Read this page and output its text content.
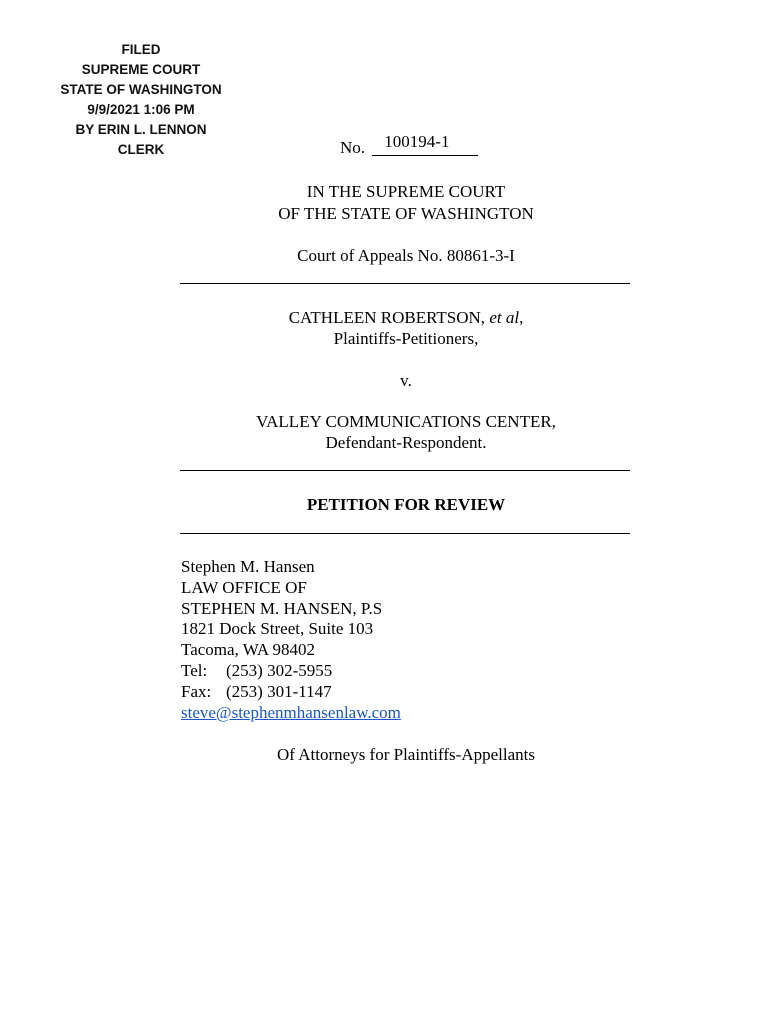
FILED
SUPREME COURT
STATE OF WASHINGTON
9/9/2021 1:06 PM
BY ERIN L. LENNON
CLERK	No. 100194-1
IN THE SUPREME COURT
OF THE STATE OF WASHINGTON
Court of Appeals No. 80861-3-I
CATHLEEN ROBERTSON, et al,
Plaintiffs-Petitioners,
v.
VALLEY COMMUNICATIONS CENTER,
Defendant-Respondent.
PETITION FOR REVIEW
Stephen M. Hansen
LAW OFFICE OF
STEPHEN M. HANSEN, P.S
1821 Dock Street, Suite 103
Tacoma, WA 98402
Tel: (253) 302-5955
Fax: (253) 301-1147
steve@stephenmhansenlaw.com
Of Attorneys for Plaintiffs-Appellants
